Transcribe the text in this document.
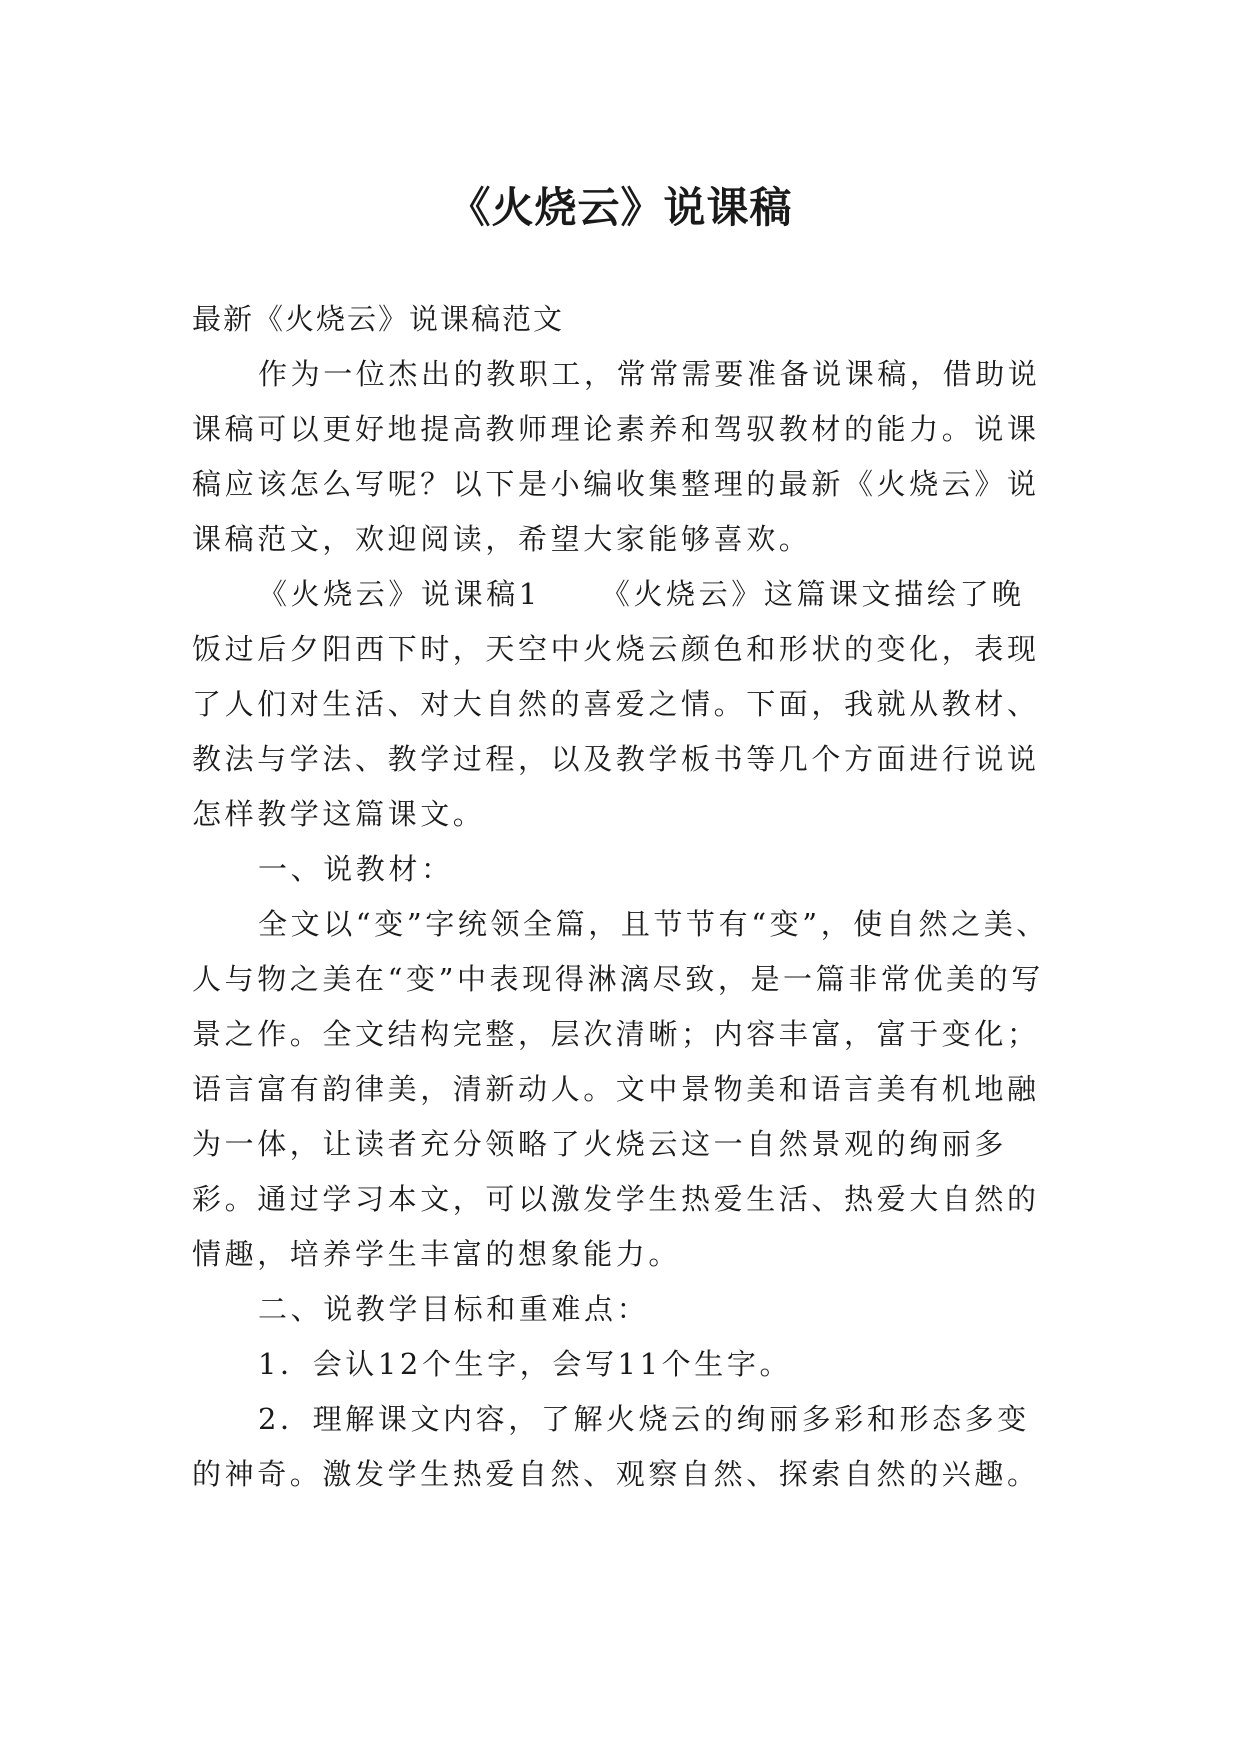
《火烧云》说课稿

最新《火烧云》说课稿范文

作为一位杰出的教职工，常常需要准备说课稿，借助说课稿可以更好地提高教师理论素养和驾驭教材的能力。说课稿应该怎么写呢？以下是小编收集整理的最新《火烧云》说课稿范文，欢迎阅读，希望大家能够喜欢。

《火烧云》说课稿1 《火烧云》这篇课文描绘了晚饭过后夕阳西下时，天空中火烧云颜色和形状的变化，表现了人们对生活、对大自然的喜爱之情。下面，我就从教材、教法与学法、教学过程，以及教学板书等几个方面进行说说怎样教学这篇课文。

一、说教材：

全文以“变”字统领全篇，且节节有“变”，使自然之美、人与物之美在“变”中表现得淋漓尽致，是一篇非常优美的写景之作。全文结构完整，层次清晰；内容丰富，富于变化；语言富有韵律美，清新动人。文中景物美和语言美有机地融为一体，让读者充分领略了火烧云这一自然景观的绚丽多彩。通过学习本文，可以激发学生热爱生活、热爱大自然的情趣，培养学生丰富的想象能力。

二、说教学目标和重难点：

1．会认12个生字，会写11个生字。

2．理解课文内容，了解火烧云的绚丽多彩和形态多变的神奇。激发学生热爱自然、观察自然、探索自然的兴趣。
